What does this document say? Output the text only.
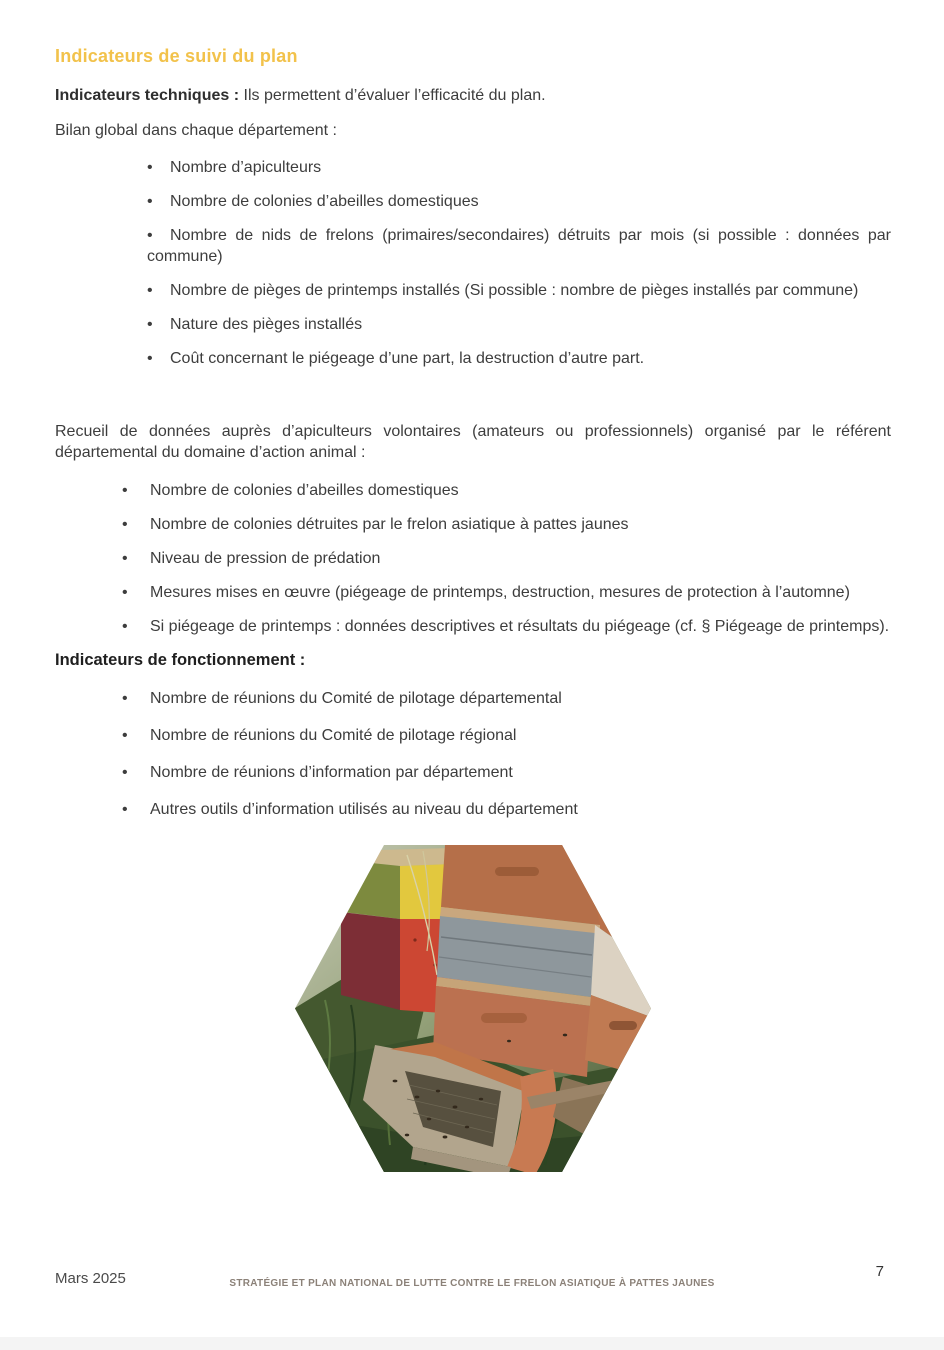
Indicateurs de suivi du plan

Indicateurs techniques : Ils permettent d’évaluer l’efficacité du plan.

Bilan global dans chaque département :

• Nombre d’apiculteurs
• Nombre de colonies d’abeilles domestiques
• Nombre de nids de frelons (primaires/secondaires) détruits par mois (si possible : données par commune)
• Nombre de pièges de printemps installés (Si possible : nombre de pièges installés par commune)
• Nature des pièges installés
• Coût concernant le piégeage d’une part, la destruction d’autre part.

Recueil de données auprès d’apiculteurs volontaires (amateurs ou professionnels) organisé par le référent départemental du domaine d’action animal :

• Nombre de colonies d’abeilles domestiques
• Nombre de colonies détruites par le frelon asiatique à pattes jaunes
• Niveau de pression de prédation
• Mesures mises en œuvre (piégeage de printemps, destruction, mesures de protection à l’automne)
• Si piégeage de printemps : données descriptives et résultats du piégeage (cf. § Piégeage de printemps).

Indicateurs de fonctionnement :

• Nombre de réunions du Comité de pilotage départemental
• Nombre de réunions du Comité de pilotage régional
• Nombre de réunions d’information par département
• Autres outils d’information utilisés au niveau du département
Mars 2025	STRATÉGIE ET PLAN NATIONAL DE LUTTE CONTRE LE FRELON ASIATIQUE À PATTES JAUNES
7
